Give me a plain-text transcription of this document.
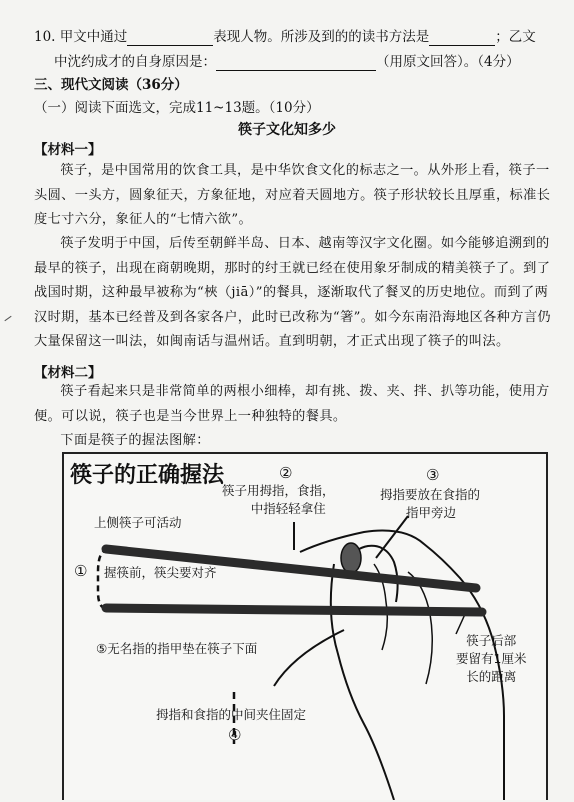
10. 甲文中通过	表现人物。所涉及到的的读书方法是	；乙文
中沈约成才的自身原因是：	（用原文回答）。（4分）
三、现代文阅读（36分）
（一）阅读下面选文，完成11~13题。（10分）
筷子文化知多少
【材料一】
筷子，是中国常用的饮食工具，是中华饮食文化的标志之一。从外形上看，筷子一头圆、一头方，圆象征天，方象征地，对应着天圆地方。筷子形状较长且厚重，标准长度七寸六分，象征人的“七情六欲”。
筷子发明于中国，后传至朝鲜半岛、日本、越南等汉字文化圈。如今能够追溯到的最早的筷子，出现在商朝晚期，那时的纣王就已经在使用象牙制成的精美筷子了。到了战国时期，这种最早被称为“梜（jiā）”的餐具，逐渐取代了餐叉的历史地位。而到了两汉时期，基本已经普及到各家各户，此时已改称为“箸”。如今东南沿海地区各种方言仍大量保留这一叫法，如闽南话与温州话。直到明朝，才正式出现了筷子的叫法。
【材料二】
筷子看起来只是非常简单的两根小细棒，却有挑、拨、夹、拌、扒等功能，使用方便。可以说，筷子也是当今世界上一种独特的餐具。
下面是筷子的握法图解：
筷子的正确握法	②
筷子用拇指，食指，
中指轻轻拿住
③
拇指要放在食指的
指甲旁边
上侧筷子可活动
① 握筷前，筷尖要对齐
⑤无名指的指甲垫在筷子下面
筷子后部
要留有1厘米
长的距离
拇指和食指的中间夹住固定
④
